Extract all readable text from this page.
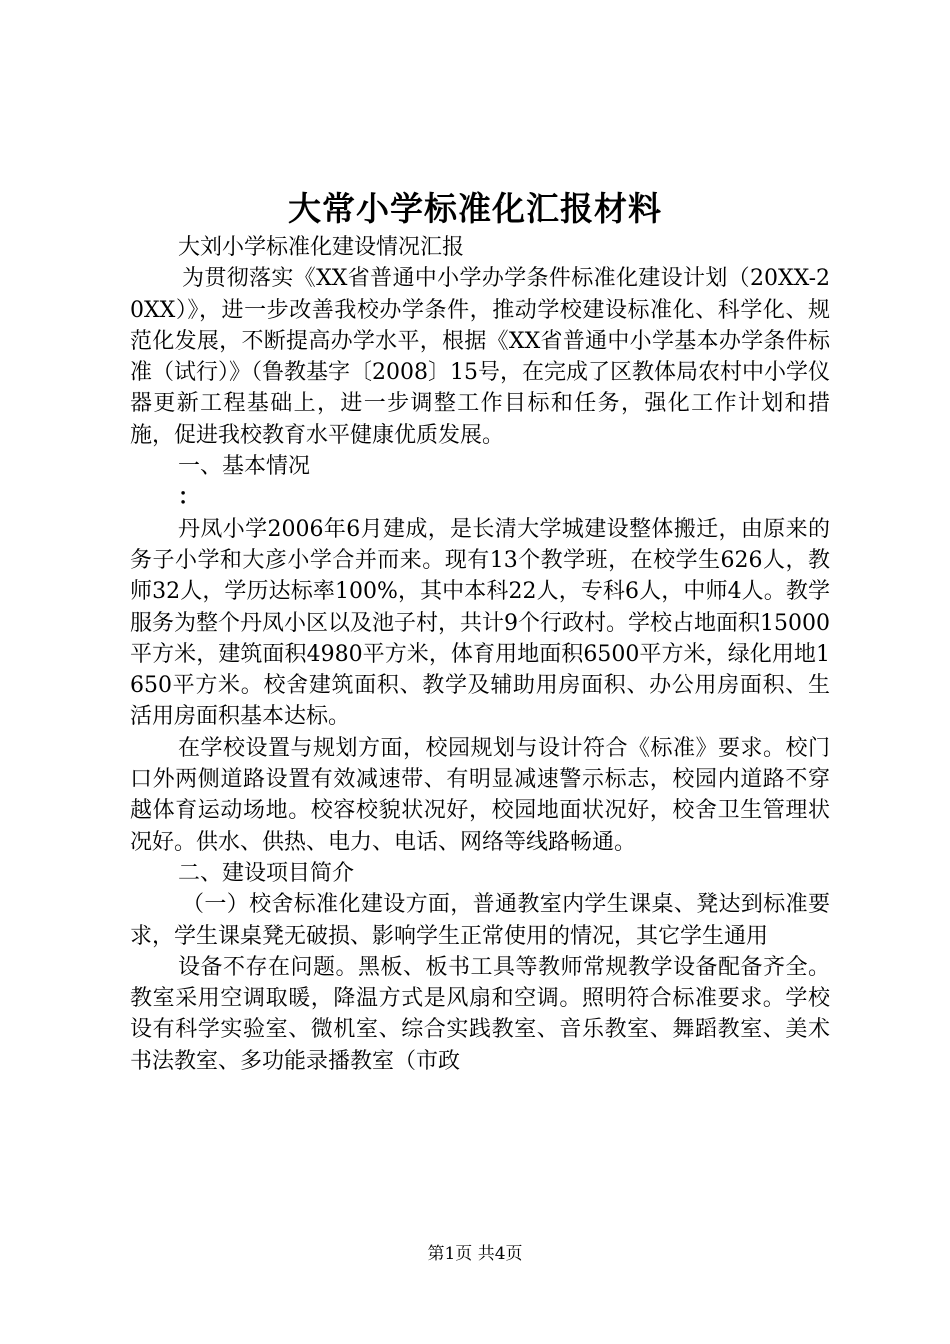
大常小学标准化汇报材料

大刘小学标准化建设情况汇报

为贯彻落实《XX省普通中小学办学条件标准化建设计划（20XX-20XX）》，进一步改善我校办学条件，推动学校建设标准化、科学化、规范化发展，不断提高办学水平，根据《XX省普通中小学基本办学条件标准（试行）》（鲁教基字〔2008〕15号，在完成了区教体局农村中小学仪器更新工程基础上，进一步调整工作目标和任务，强化工作计划和措施，促进我校教育水平健康优质发展。

一、基本情况

：

丹凤小学2006年6月建成，是长清大学城建设整体搬迁，由原来的务子小学和大彦小学合并而来。现有13个教学班，在校学生626人，教师32人，学历达标率100%，其中本科22人，专科6人，中师4人。教学服务为整个丹凤小区以及池子村，共计9个行政村。学校占地面积15000平方米，建筑面积4980平方米，体育用地面积6500平方米，绿化用地1650平方米。校舍建筑面积、教学及辅助用房面积、办公用房面积、生活用房面积基本达标。

在学校设置与规划方面，校园规划与设计符合《标准》要求。校门口外两侧道路设置有效减速带、有明显减速警示标志，校园内道路不穿越体育运动场地。校容校貌状况好，校园地面状况好，校舍卫生管理状况好。供水、供热、电力、电话、网络等线路畅通。

二、建设项目简介

（一）校舍标准化建设方面，普通教室内学生课桌、凳达到标准要求，学生课桌凳无破损、影响学生正常使用的情况，其它学生通用

设备不存在问题。黑板、板书工具等教师常规教学设备配备齐全。教室采用空调取暖，降温方式是风扇和空调。照明符合标准要求。学校设有科学实验室、微机室、综合实践教室、音乐教室、舞蹈教室、美术书法教室、多功能录播教室（市政

第1页 共4页
